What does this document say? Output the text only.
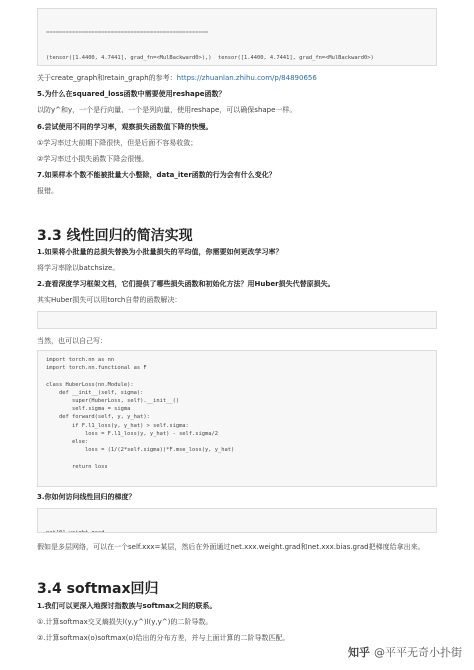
==================================================

(tensor([1.4400, 4.7441], grad_fn=<MulBackward0>),)  tensor([1.4400, 4.7441], grad_fn=<MulBackward0>)

关于create_graph和retain_graph的参考：https://zhuanlan.zhihu.com/p/84890656
5.为什么在squared_loss函数中需要使用reshape函数？
以防y^和y，一个是行向量、一个是列向量，使用reshape，可以确保shape一样。
6.尝试使用不同的学习率，观察损失函数值下降的快慢。
①学习率过大前期下降很快，但是后面不容易收敛；
②学习率过小损失函数下降会很慢。
7.如果样本个数不能被批量大小整除，data_iter函数的行为会有什么变化？
报错。
3.3 线性回归的简洁实现
1.如果将小批量的总损失替换为小批量损失的平均值，你需要如何更改学习率？
将学习率除以batchsize。
2.查看深度学习框架文档，它们提供了哪些损失函数和初始化方法？用Huber损失代替原损失。
其实Huber损失可以用torch自带的函数解决：

当然，也可以自己写：
import torch.nn as nn
import torch.nn.functional as F

class HuberLoss(nn.Module):
def __init__(self, sigma):
super(HuberLoss, self).__init__()
self.sigma = sigma
def forward(self, y, y_hat):
if F.l1_loss(y, y_hat) > self.sigma:
loss = F.l1_loss(y, y_hat) - self.sigma/2
else:
loss = (1/(2*self.sigma))*F.mse_loss(y, y_hat)

return loss
3.你如何访问线性回归的梯度？

假如是多层网络，可以在一个self.xxx=某层，然后在外面通过net.xxx.weight.grad和net.xxx.bias.grad把梯度给拿出来。
3.4 softmax回归
1.我们可以更深入地探讨指数族与softmax之间的联系。
①.计算softmax交叉熵损失l(y,y^)l(y,y^)的二阶导数。
②.计算softmax(o)softmax(o)给出的分布方差，并与上面计算的二阶导数匹配。
知乎 @平平无奇小扑街
